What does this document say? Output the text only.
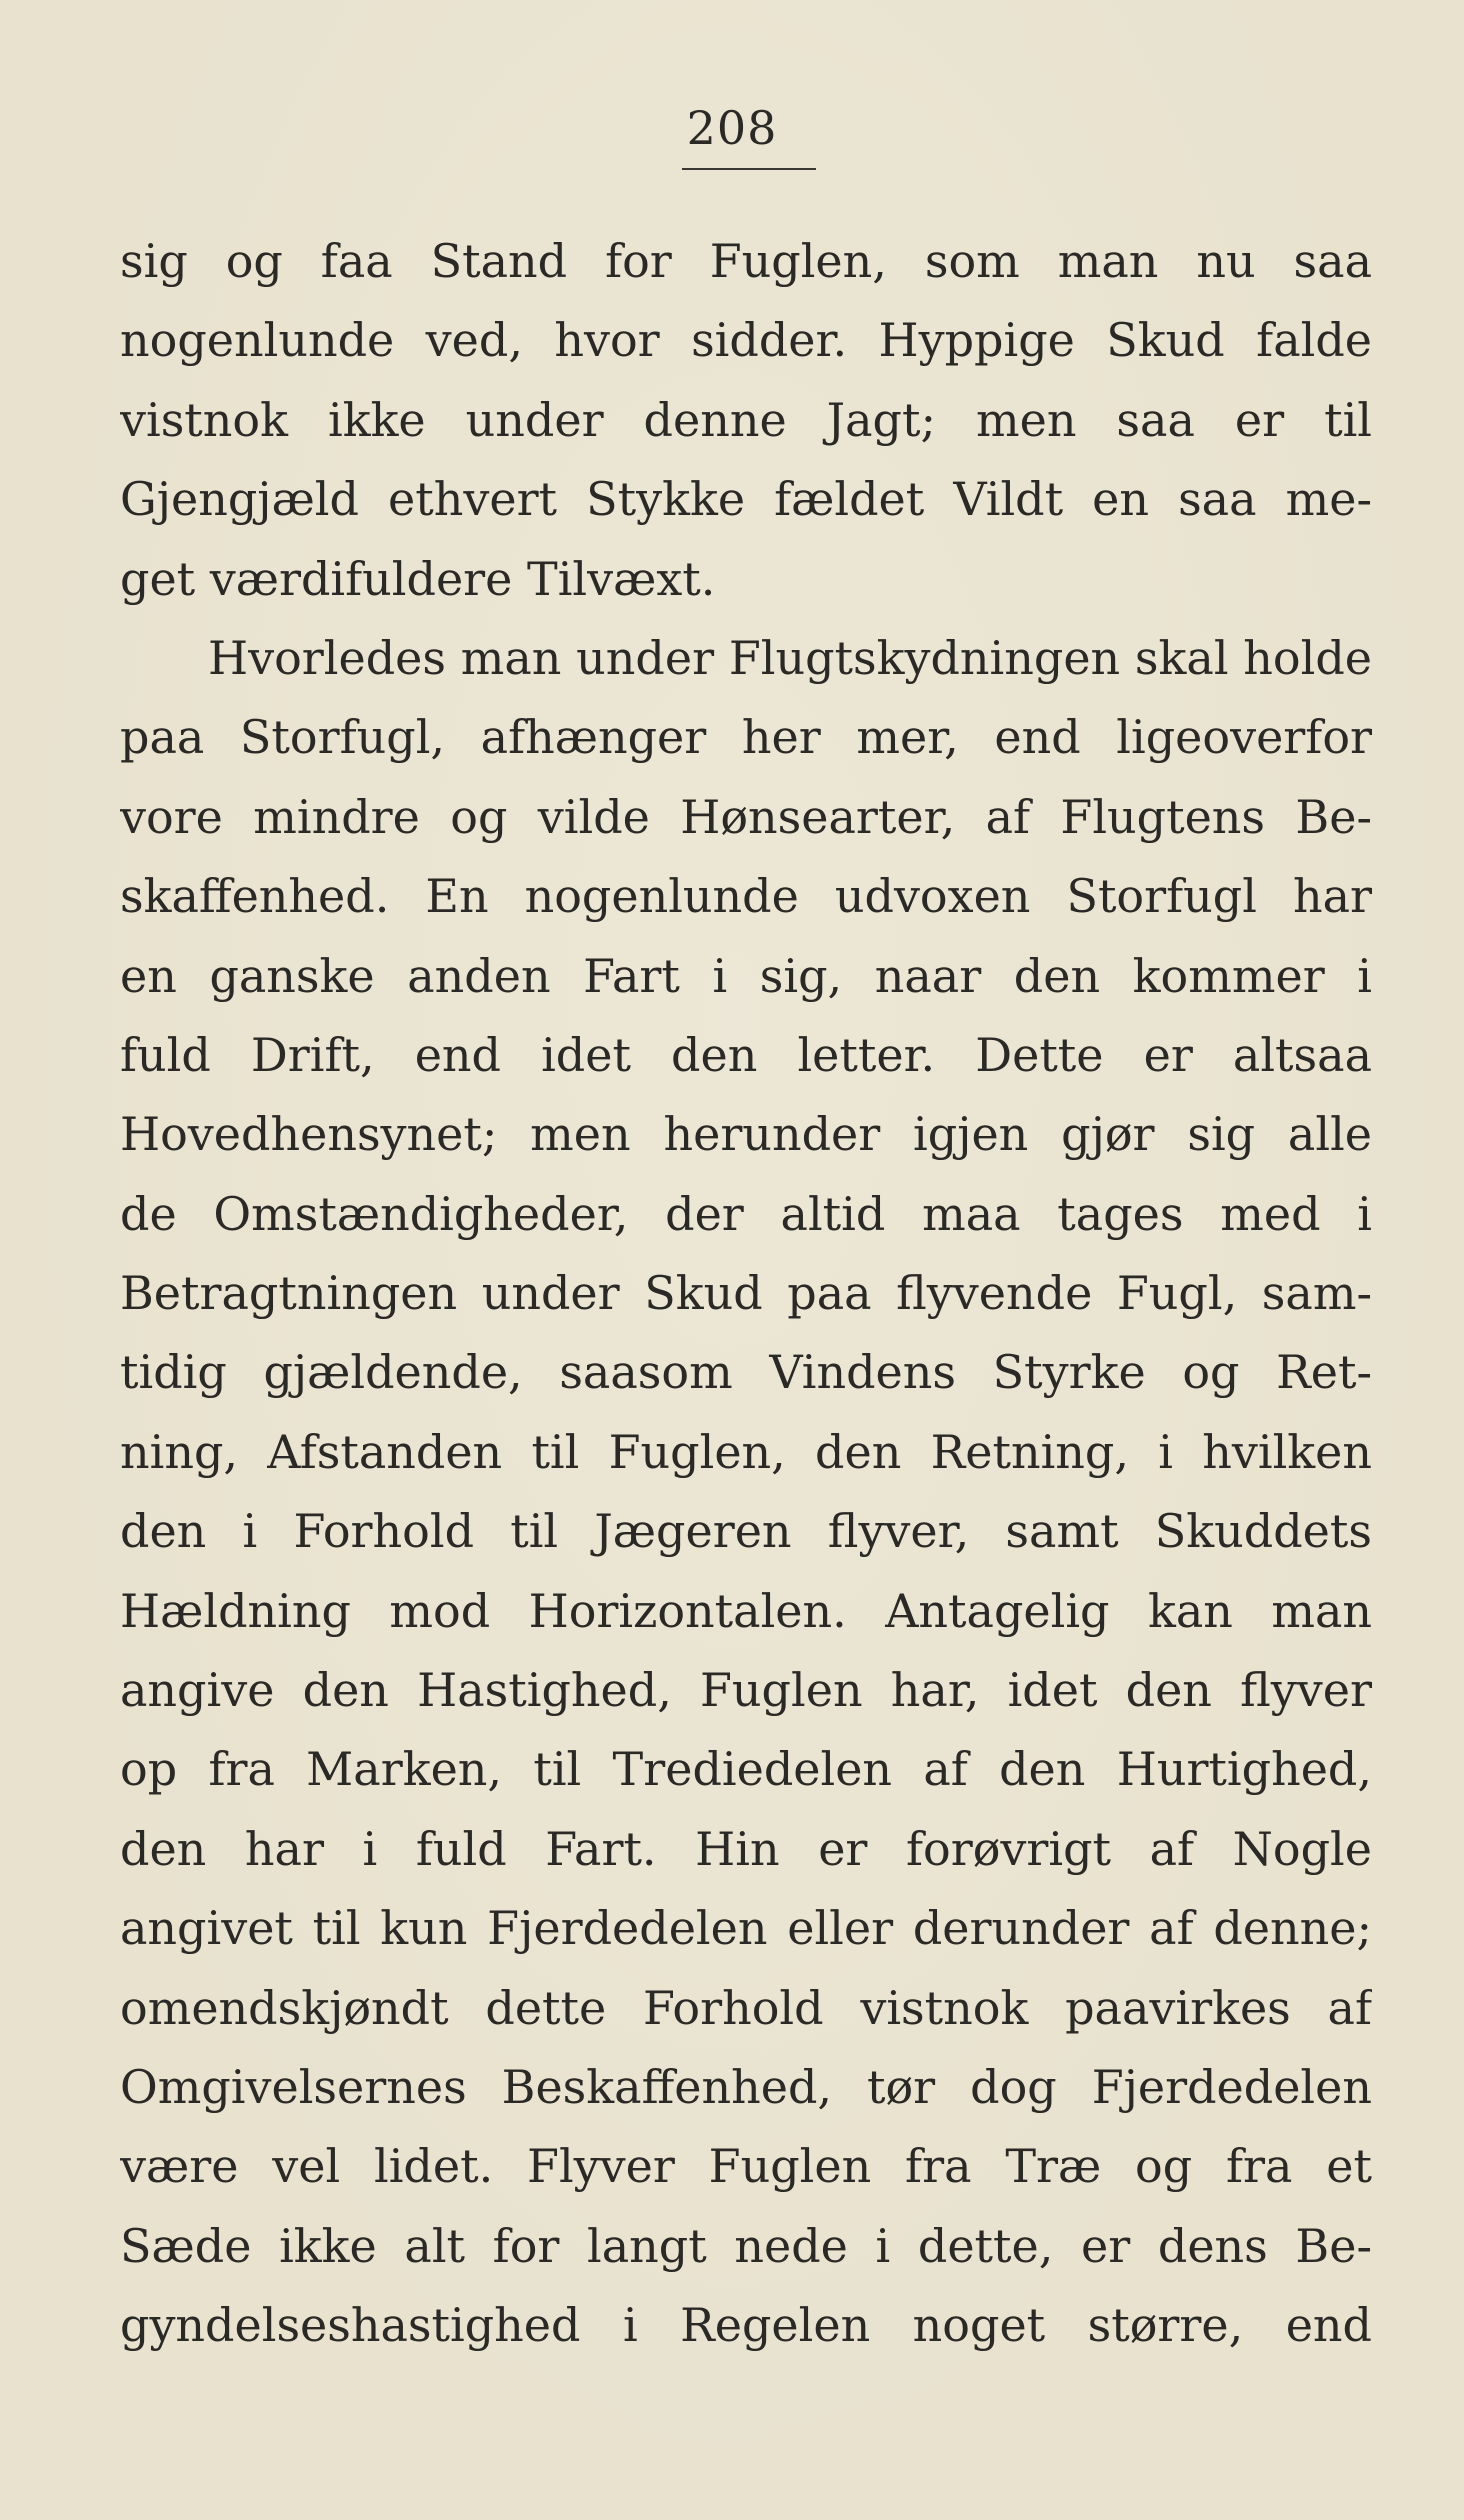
208
sig og faa Stand for Fuglen, som man nu saa
nogenlunde ved, hvor sidder. Hyppige Skud falde
vistnok ikke under denne Jagt; men saa er til
Gjengjæld ethvert Stykke fældet Vildt en saa me-
get værdifuldere Tilvæxt.
Hvorledes man under Flugtskydningen skal holde
paa Storfugl, afhænger her mer, end ligeoverfor
vore mindre og vilde Hønsearter, af Flugtens Be-
skaffenhed. En nogenlunde udvoxen Storfugl har
en ganske anden Fart i sig, naar den kommer i
fuld Drift, end idet den letter. Dette er altsaa
Hovedhensynet; men herunder igjen gjør sig alle
de Omstændigheder, der altid maa tages med i
Betragtningen under Skud paa flyvende Fugl, sam-
tidig gjældende, saasom Vindens Styrke og Ret-
ning, Afstanden til Fuglen, den Retning, i hvilken
den i Forhold til Jægeren flyver, samt Skuddets
Hældning mod Horizontalen. Antagelig kan man
angive den Hastighed, Fuglen har, idet den flyver
op fra Marken, til Trediedelen af den Hurtighed,
den har i fuld Fart. Hin er forøvrigt af Nogle
angivet til kun Fjerdedelen eller derunder af denne;
omendskjøndt dette Forhold vistnok paavirkes af
Omgivelsernes Beskaffenhed, tør dog Fjerdedelen
være vel lidet. Flyver Fuglen fra Træ og fra et
Sæde ikke alt for langt nede i dette, er dens Be-
gyndelseshastighed i Regelen noget større, end
